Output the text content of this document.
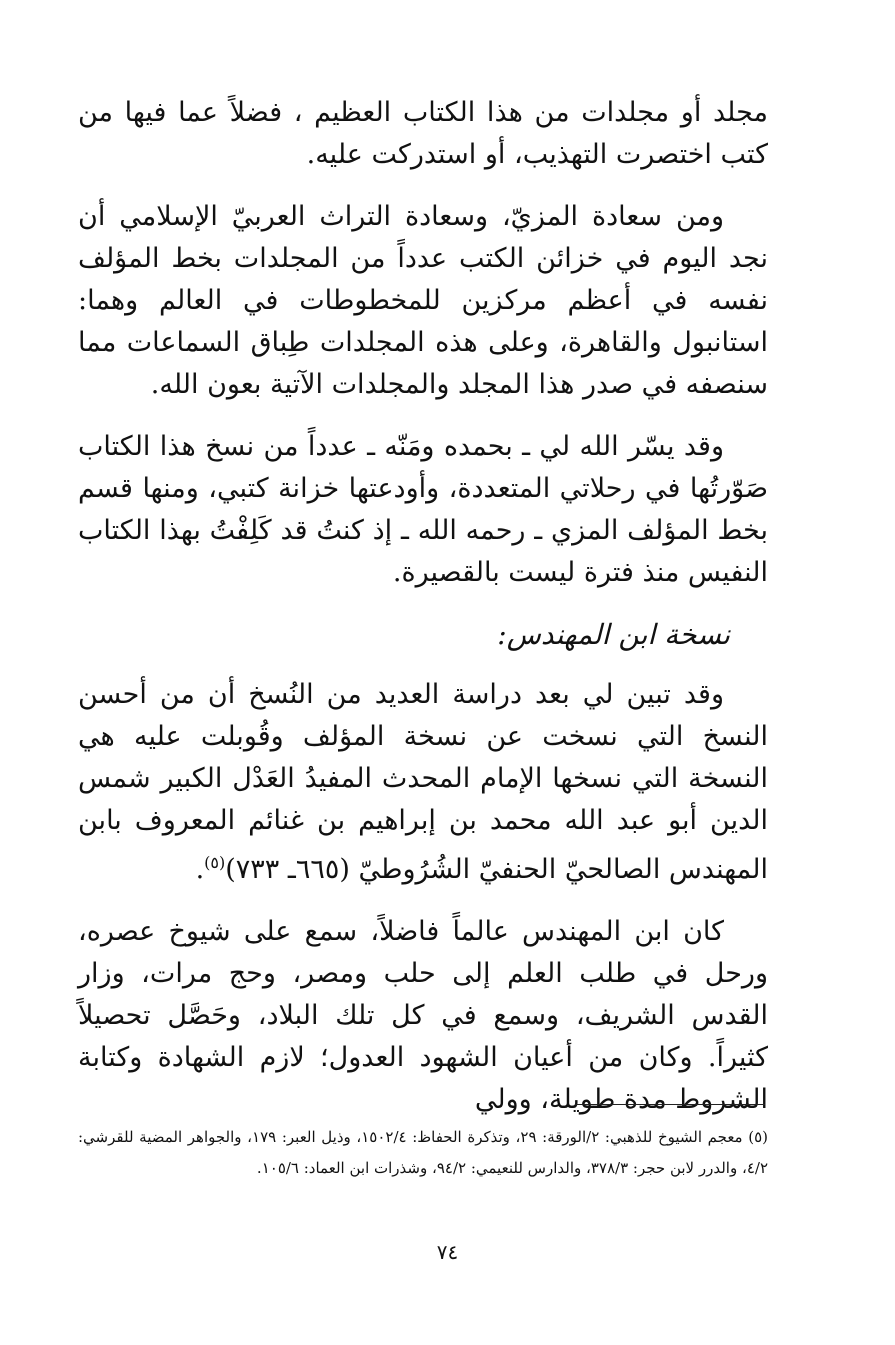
مجلد أو مجلدات من هذا الكتاب العظيم ، فضلاً عما فيها من كتب اختصرت التهذيب، أو استدركت عليه.

ومن سعادة المزيّ، وسعادة التراث العربيّ الإسلامي أن نجد اليوم في خزائن الكتب عدداً من المجلدات بخط المؤلف نفسه في أعظم مركزين للمخطوطات في العالم وهما: استانبول والقاهرة، وعلى هذه المجلدات طِباق السماعات مما سنصفه في صدر هذا المجلد والمجلدات الآتية بعون الله.

وقد يسّر الله لي ـ بحمده ومَنّه ـ عدداً من نسخ هذا الكتاب صَوّرتُها في رحلاتي المتعددة، وأودعتها خزانة كتبي، ومنها قسم بخط المؤلف المزي ـ رحمه الله ـ إذ كنتُ قد كَلِفْتُ بهذا الكتاب النفيس منذ فترة ليست بالقصيرة.

نسخة ابن المهندس:

وقد تبين لي بعد دراسة العديد من النُسخ أن من أحسن النسخ التي نسخت عن نسخة المؤلف وقُوبلت عليه هي النسخة التي نسخها الإمام المحدث المفيدُ العَدْل الكبير شمس الدين أبو عبد الله محمد بن إبراهيم بن غنائم المعروف بابن المهندس الصالحيّ الحنفيّ الشُرُوطيّ (٦٦٥ـ ٧٣٣)$^{(٥)}$.

كان ابن المهندس عالماً فاضلاً، سمع على شيوخ عصره، ورحل في طلب العلم إلى حلب ومصر، وحج مرات، وزار القدس الشريف، وسمع في كل تلك البلاد، وحَصَّل تحصيلاً كثيراً. وكان من أعيان الشهود العدول؛ لازم الشهادة وكتابة الشروط مدة طويلة، وولي

(٥) معجم الشيوخ للذهبي: ٢/الورقة: ٢٩، وتذكرة الحفاظ: ١٥٠٢/٤، وذيل العبر: ١٧٩، والجواهر المضية للقرشي: ٤/٢، والدرر لابن حجر: ٣٧٨/٣، والدارس للنعيمي: ٩٤/٢، وشذرات ابن العماد: ١٠٥/٦.
٧٤
